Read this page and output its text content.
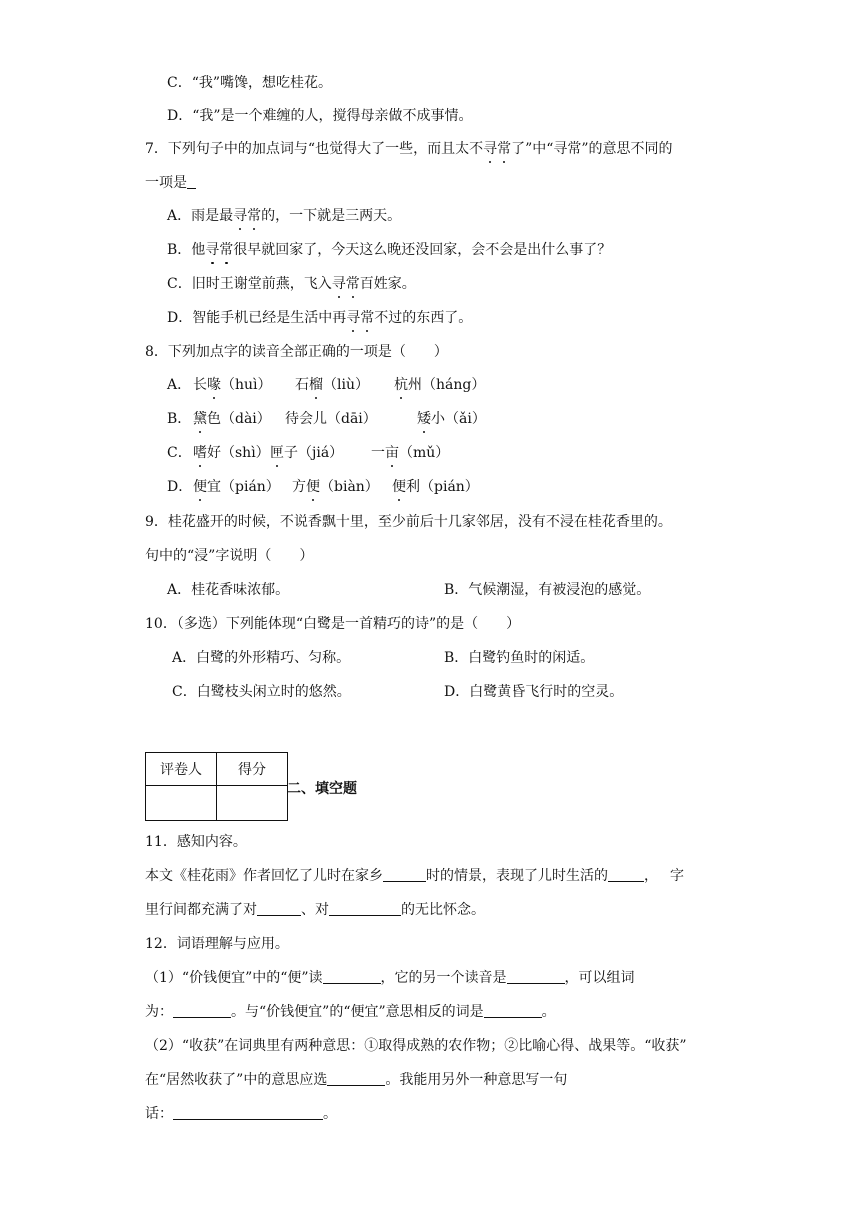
C．“我”嘴馋，想吃桂花。
D．“我”是一个难缠的人，搅得母亲做不成事情。
7．下列句子中的加点词与“也觉得大了一些，而且太不寻常了”中“寻常”的意思不同的
一项是
A．雨是最寻常的，一下就是三两天。
B．他寻常很早就回家了，今天这么晚还没回家，会不会是出什么事了？
C．旧时王谢堂前燕，飞入寻常百姓家。
D．智能手机已经是生活中再寻常不过的东西了。
8．下列加点字的读音全部正确的一项是（　　）
A． 长喙（huì） 石榴（liù） 杭州（háng）
B． 黛色（dài） 待会儿（dāi）	矮小（ǎi）
C． 嗜好（shì） 匣子（jiá） 一亩（mǔ）
D． 便宜（pián） 方便（biàn） 便利（pián）
9．桂花盛开的时候，不说香飘十里，至少前后十几家邻居，没有不浸在桂花香里的。
句中的“浸”字说明（　　）
A．桂花香味浓郁。	B．气候潮湿，有被浸泡的感觉。
10．（多选）下列能体现“白鹭是一首精巧的诗”的是（　　）
A．白鹭的外形精巧、匀称。	B．白鹭钓鱼时的闲适。
C．白鹭枝头闲立时的悠然。	D．白鹭黄昏飞行时的空灵。
评卷人	得分

二、填空题
11．感知内容。
本文《桂花雨》作者回忆了儿时在家乡	时的情景，表现了儿时生活的	，字
里行间都充满了对	、对	的无比怀念。
12．词语理解与应用。
（1）“价钱便宜”中的“便”读	，它的另一个读音是	，可以组词
为：	。与“价钱便宜”的“便宜”意思相反的词是	。
（2）“收获”在词典里有两种意思：①取得成熟的农作物；②比喻心得、战果等。“收获”
在“居然收获了”中的意思应选	。我能用另外一种意思写一句
话：	。
